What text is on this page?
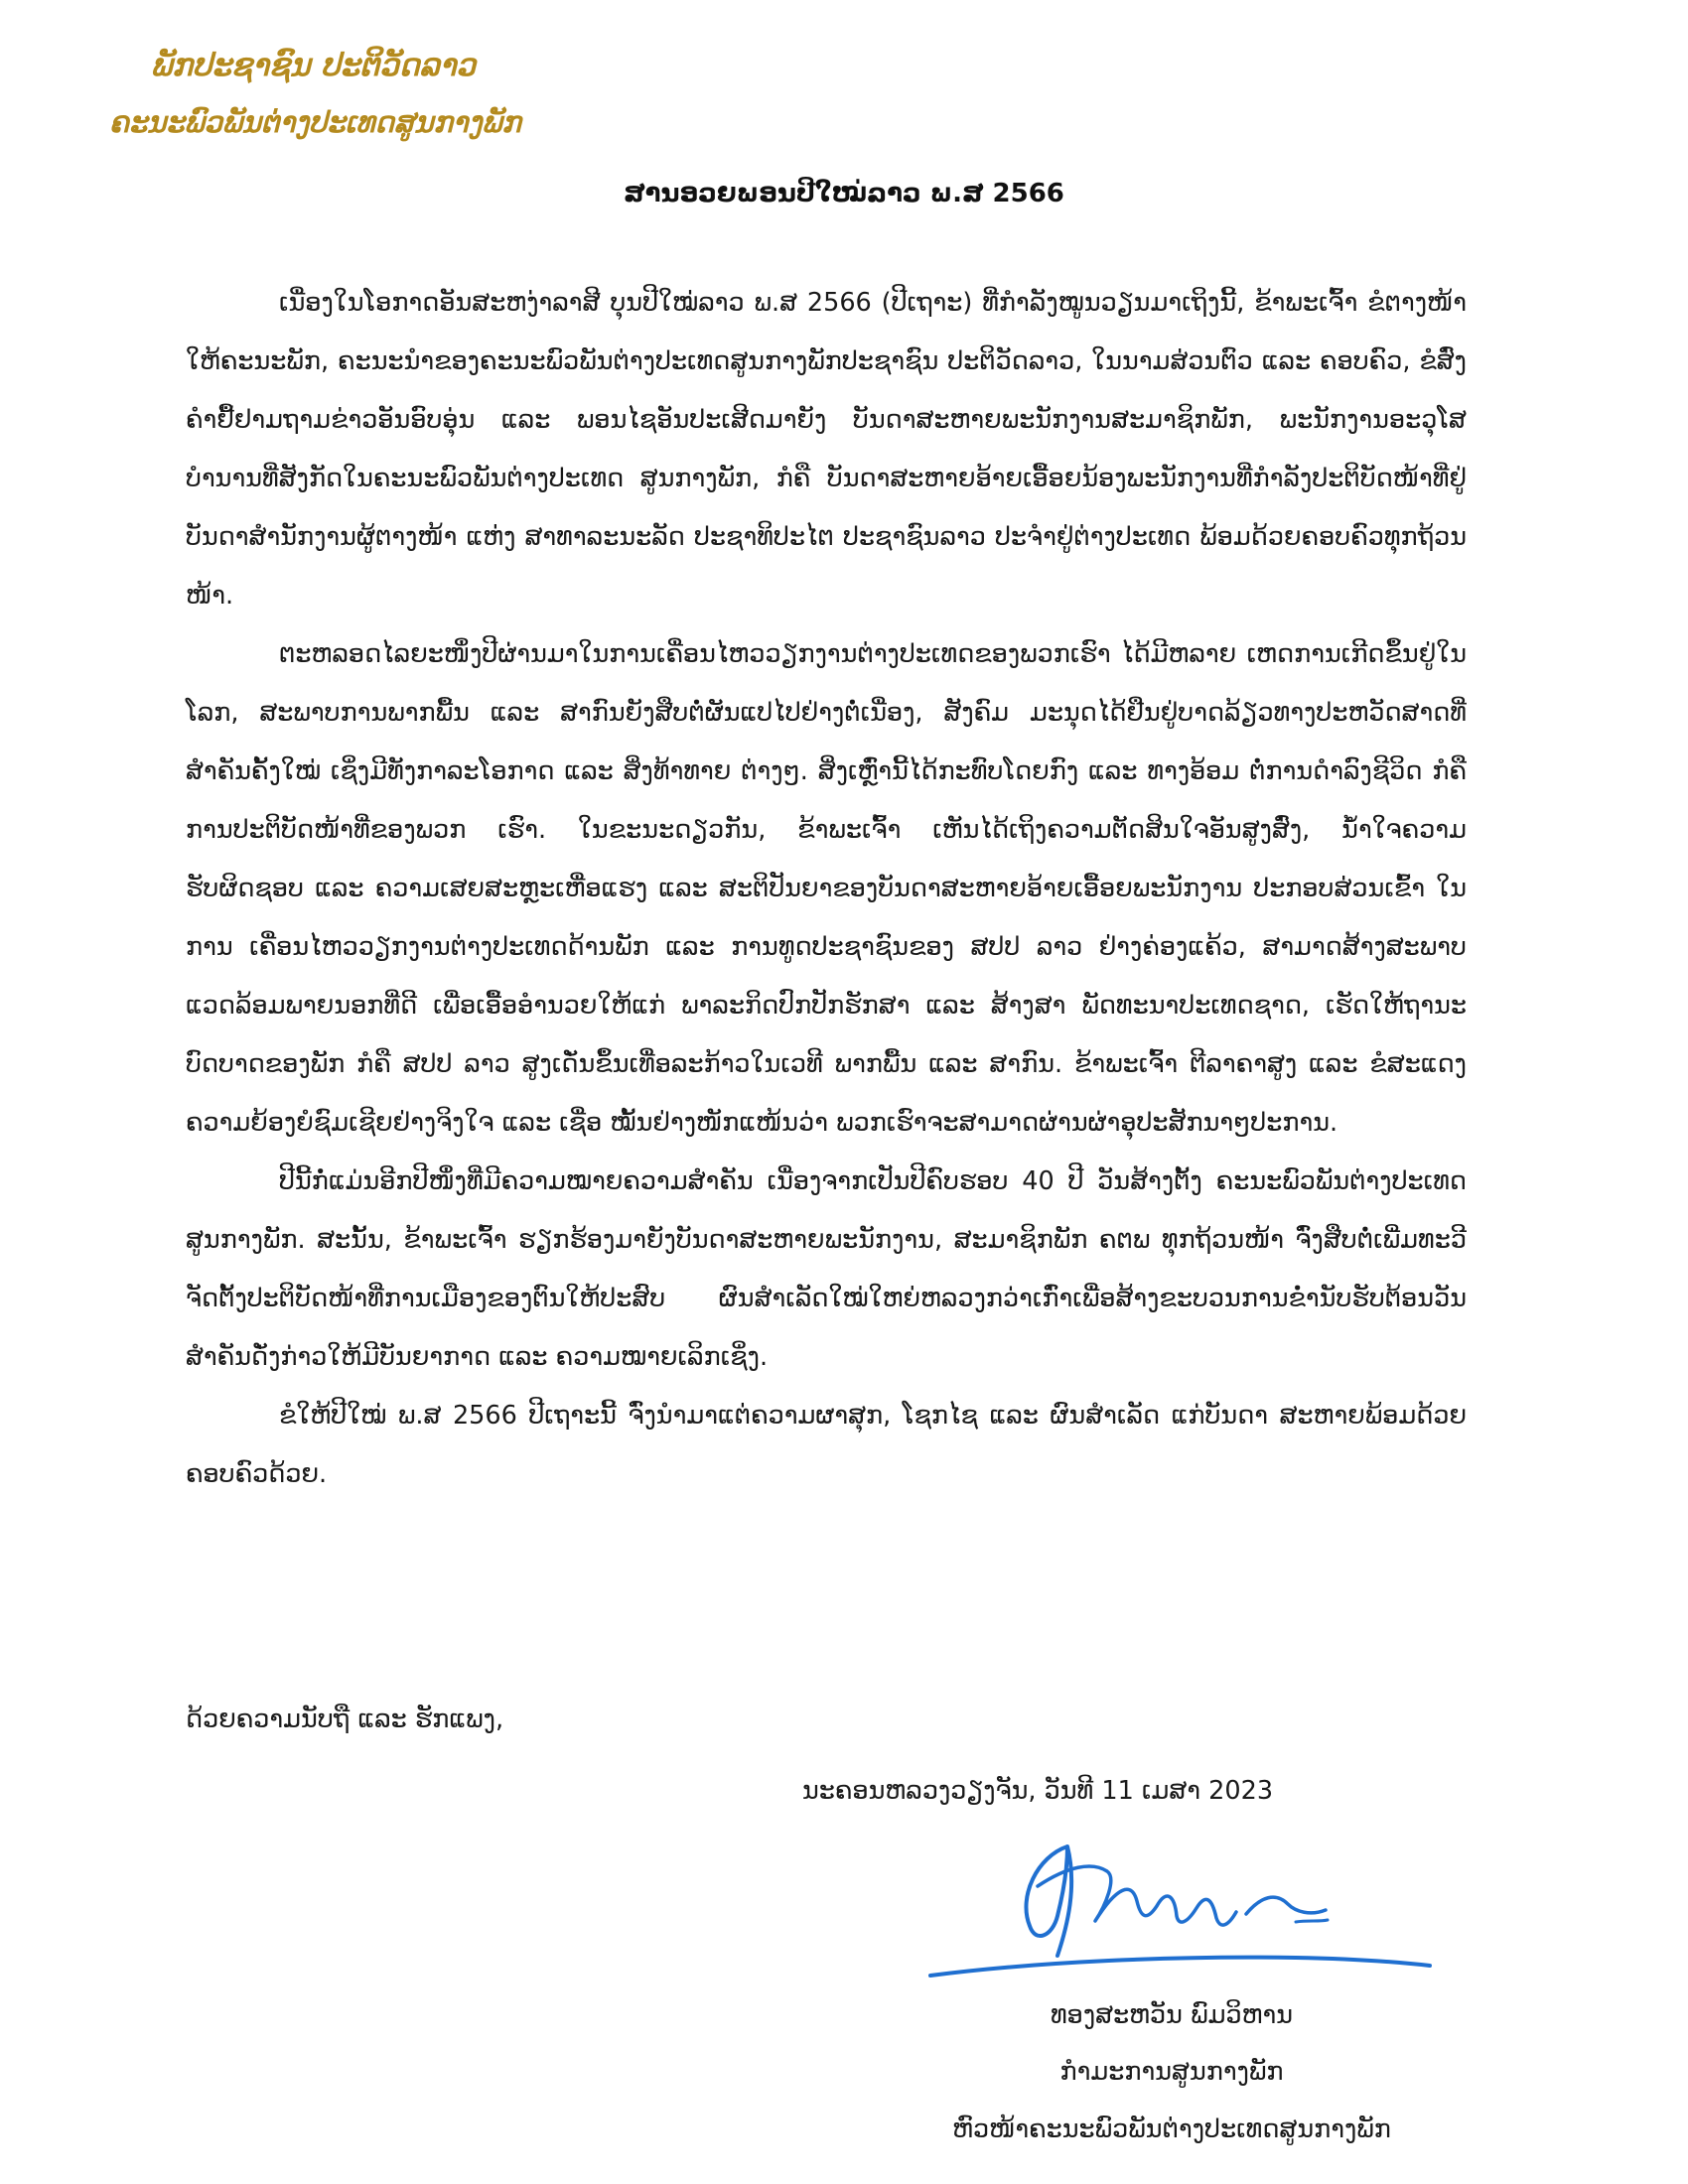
ພັກປະຊາຊົນ ປະຕິວັດລາວ
ຄະນະພົວພັນຕ່າງປະເທດສູນກາງພັກ
ສານອວຍພອນປີໃໝ່ລາວ ພ.ສ 2566

ເນື່ອງໃນໂອກາດອັນສະຫງ່າລາສີ ບຸນປີໃໝ່ລາວ ພ.ສ 2566 (ປີເຖາະ) ທີ່ກຳລັງໝູນວຽນມາເຖິງນີ້, ຂ້າພະເຈົ້າ ຂໍຕາງໜ້າໃຫ້ຄະນະພັກ, ຄະນະນຳຂອງຄະນະພົວພັນຕ່າງປະເທດສູນກາງພັກປະຊາຊົນ ປະຕິວັດລາວ, ໃນນາມສ່ວນຕົວ ແລະ ຄອບຄົວ, ຂໍສົ່ງຄຳຢື້ຢາມຖາມຂ່າວອັນອົບອຸ່ນ ແລະ ພອນໄຊອັນປະເສີດມາຍັງ ບັນດາສະຫາຍພະນັກງານສະມາຊິກພັກ, ພະນັກງານອະວຸໂສບຳນານທີ່ສັງກັດໃນຄະນະພົວພັນຕ່າງປະເທດ ສູນກາງພັກ, ກໍຄື ບັນດາສະຫາຍອ້າຍເອື້ອຍນ້ອງພະນັກງານທີ່ກຳລັງປະຕິບັດໜ້າທີ່ຢູ່ບັນດາສຳນັກງານຜູ້ຕາງໜ້າ ແຫ່ງ ສາທາລະນະລັດ ປະຊາທິປະໄຕ ປະຊາຊົນລາວ ປະຈຳຢູ່ຕ່າງປະເທດ ພ້ອມດ້ວຍຄອບຄົວທຸກຖ້ວນໜ້າ.

ຕະຫລອດໄລຍະໜຶ່ງປີຜ່ານມາໃນການເຄື່ອນໄຫວວຽກງານຕ່າງປະເທດຂອງພວກເຮົາ ໄດ້ມີຫລາຍ ເຫດການເກີດຂຶ້ນຢູ່ໃນໂລກ, ສະພາບການພາກພື້ນ ແລະ ສາກົນຍັງສືບຕໍ່ຜັນແປໄປຢ່າງຕໍ່ເນື່ອງ, ສັງຄົມ ມະນຸດໄດ້ຢືນຢູ່ບາດລ້ຽວທາງປະຫວັດສາດທີ່ສຳຄັນຄັ້ງໃໝ່ ເຊິ່ງມີທັງກາລະໂອກາດ ແລະ ສິ່ງທ້າທາຍ ຕ່າງໆ. ສິ່ງເຫຼົ່ານີ້ໄດ້ກະທົບໂດຍກົງ ແລະ ທາງອ້ອມ ຕໍ່ການດຳລົງຊີວິດ ກໍຄື ການປະຕິບັດໜ້າທີ່ຂອງພວກ ເຮົາ. ໃນຂະນະດຽວກັນ, ຂ້າພະເຈົ້າ ເຫັນໄດ້ເຖິງຄວາມຕັດສິນໃຈອັນສູງສົ່ງ, ນ້ຳໃຈຄວາມຮັບຜິດຊອບ ແລະ ຄວາມເສຍສະຫຼະເຫື່ອແຮງ ແລະ ສະຕິປັນຍາຂອງບັນດາສະຫາຍອ້າຍເອື້ອຍພະນັກງານ ປະກອບສ່ວນເຂົ້າ ໃນການ ເຄື່ອນໄຫວວຽກງານຕ່າງປະເທດດ້ານພັກ ແລະ ການທູດປະຊາຊົນຂອງ ສປປ ລາວ ຢ່າງຄ່ອງແຄ້ວ, ສາມາດສ້າງສະພາບແວດລ້ອມພາຍນອກທີ່ດີ ເພື່ອເອື້ອອຳນວຍໃຫ້ແກ່ ພາລະກິດປົກປັກຮັກສາ ແລະ ສ້າງສາ ພັດທະນາປະເທດຊາດ, ເຮັດໃຫ້ຖານະບົດບາດຂອງພັກ ກໍຄື ສປປ ລາວ ສູງເດັ່ນຂຶ້ນເທື່ອລະກ້າວໃນເວທີ ພາກພື້ນ ແລະ ສາກົນ. ຂ້າພະເຈົ້າ ຕີລາຄາສູງ ແລະ ຂໍສະແດງຄວາມຍ້ອງຍໍຊົມເຊີຍຢ່າງຈິງໃຈ ແລະ ເຊື່ອ ໝັ້ນຢ່າງໜັກແໜ້ນວ່າ ພວກເຮົາຈະສາມາດຜ່ານຜ່າອຸປະສັກນາໆປະການ.

ປີນີ້ກໍ່ແມ່ນອີກປີໜຶ່ງທີ່ມີຄວາມໝາຍຄວາມສຳຄັນ ເນື່ອງຈາກເປັນປີຄົບຮອບ 40 ປີ ວັນສ້າງຕັ້ງ ຄະນະພົວພັນຕ່າງປະເທດສູນກາງພັກ. ສະນັ້ນ, ຂ້າພະເຈົ້າ ຮຽກຮ້ອງມາຍັງບັນດາສະຫາຍພະນັກງານ, ສະມາຊິກພັກ ຄຕພ ທຸກຖ້ວນໜ້າ ຈົ່ງສືບຕໍ່ເພີ່ມທະວີຈັດຕັ້ງປະຕິບັດໜ້າທີ່ການເມືອງຂອງຕົນໃຫ້ປະສົບ ຜົນສຳເລັດໃໝ່ໃຫຍ່ຫລວງກວ່າເກົ່າເພື່ອສ້າງຂະບວນການຂໍ່ານັບຮັບຕ້ອນວັນສຳຄັນດັ່ງກ່າວໃຫ້ມີບັນຍາກາດ ແລະ ຄວາມໝາຍເລິກເຊິ່ງ.

ຂໍໃຫ້ປີໃໝ່ ພ.ສ 2566 ປີເຖາະນີ້ ຈົ່ງນຳມາແຕ່ຄວາມຜາສຸກ, ໂຊກໄຊ ແລະ ຜົນສຳເລັດ ແກ່ບັນດາ ສະຫາຍພ້ອມດ້ວຍຄອບຄົວດ້ວຍ.

ດ້ວຍຄວາມນັບຖື ແລະ ຮັກແພງ,
ນະຄອນຫລວງວຽງຈັນ, ວັນທີ 11 ເມສາ 2023
ທອງສະຫວັນ ພົມວິຫານ
ກຳມະການສູນກາງພັກ
ຫົວໜ້າຄະນະພົວພັນຕ່າງປະເທດສູນກາງພັກ
